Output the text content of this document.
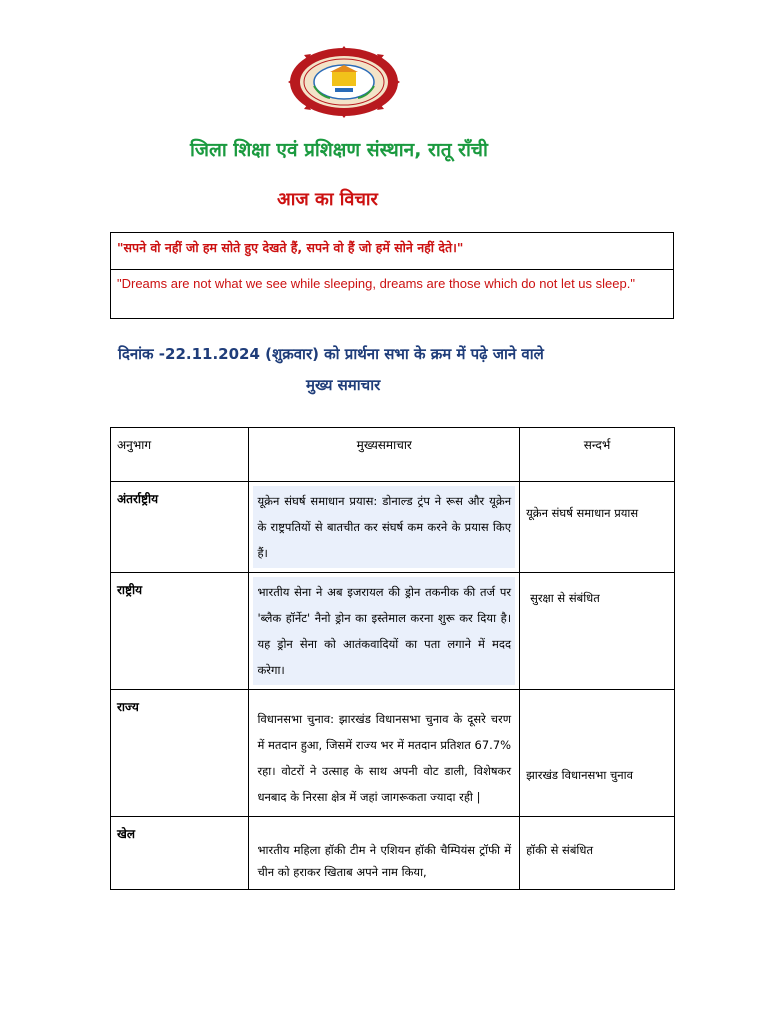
जिला शिक्षा एवं प्रशिक्षण संस्थान, रातू राँची
आज का विचार
"सपने वो नहीं जो हम सोते हुए देखते हैं, सपने वो हैं जो हमें सोने नहीं देते।"
"Dreams are not what we see while sleeping, dreams are those which do not let us sleep."
दिनांक -22.11.2024 (शुक्रवार) को प्रार्थना सभा के क्रम में पढ़े जाने वाले
मुख्य समाचार
अनुभाग	मुख्यसमाचार	सन्दर्भ
अंतर्राष्ट्रीय	यूक्रेन संघर्ष समाधान प्रयास: डोनाल्ड ट्रंप ने रूस और यूक्रेन के राष्ट्रपतियों से बातचीत कर संघर्ष कम करने के प्रयास किए हैं।	यूक्रेन संघर्ष समाधान प्रयास
राष्ट्रीय	भारतीय सेना ने अब इजरायल की ड्रोन तकनीक की तर्ज पर 'ब्लैक हॉर्नेट' नैनो ड्रोन का इस्तेमाल करना शुरू कर दिया है। यह ड्रोन सेना को आतंकवादियों का पता लगाने में मदद करेगा।	सुरक्षा से संबंधित
राज्य	विधानसभा चुनाव: झारखंड विधानसभा चुनाव के दूसरे चरण में मतदान हुआ, जिसमें राज्य भर में मतदान प्रतिशत 67.7% रहा। वोटरों ने उत्साह के साथ अपनी वोट डाली, विशेषकर धनबाद के निरसा क्षेत्र में जहां जागरूकता ज्यादा रही |	झारखंड विधानसभा चुनाव
खेल	भारतीय महिला हॉकी टीम ने एशियन हॉकी चैम्पियंस ट्रॉफी में चीन को हराकर खिताब अपने नाम किया,	हॉकी से संबंधित
